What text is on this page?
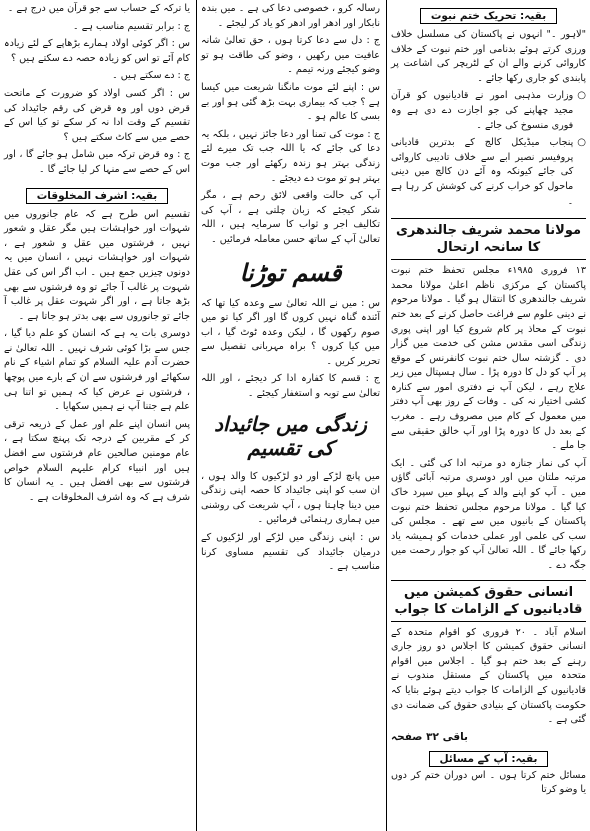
بقیہ: تحریک ختم نبوت

"لاہور ۔" انہوں نے پاکستان کی مسلسل خلاف ورزی کرتے ہوئے بدنامی اور ختم نبوت کے خلاف کاروائی کرنے والے ان کے لٹریچر کی اشاعت پر پابندی کو جاری رکھا جائے ۔

○

وزارت مذہبی امور نے قادیانیوں کو قرآن مجید چھاپنے کی جو اجازت دے دی ہے وہ فوری منسوخ کی جائے ۔

○

پنجاب میڈیکل کالج کے بدترین قادیانی پروفیسر نصیر ابے سے خلاف تادیبی کاروائی کی جائے کیونکہ وہ آئے دن کالج میں دینی ماحول کو خراب کرنے کی کوشش کر رہا ہے ۔

مولانا محمد شریف جالندھری کا سانحہ ارتحال

۱۳ فروری ۱۹۸۵ء مجلس تحفظ ختم نبوت پاکستان کے مرکزی ناظم اعلیٰ مولانا محمد شریف جالندھری کا انتقال ہو گیا ۔ مولانا مرحوم نے دینی علوم سے فراغت حاصل کرنے کے بعد ختم نبوت کے محاذ پر کام شروع کیا اور اپنی پوری زندگی اسی مقدس مشن کی خدمت میں گزار دی ۔ گزشتہ سال ختم نبوت کانفرنس کے موقع پر آپ کو دل کا دورہ پڑا ۔ سال ہسپتال میں زیر علاج رہے ، لیکن آپ نے دفتری امور سے کنارہ کشی اختیار نہ کی ۔ وفات کے روز بھی آپ دفتر میں معمول کے کام میں مصروف رہے ۔ مغرب کے بعد دل کا دورہ پڑا اور آپ خالق حقیقی سے جا ملے ۔

آپ کی نماز جنازہ دو مرتبہ ادا کی گئی ۔ ایک مرتبہ ملتان میں اور دوسری مرتبہ آبائی گاؤں میں ۔ آپ کو اپنے والد کے پہلو میں سپرد خاک کیا گیا ۔ مولانا مرحوم مجلس تحفظ ختم نبوت پاکستان کے بانیوں میں سے تھے ۔ مجلس کی سب کی علمی اور عملی خدمات کو ہمیشہ یاد رکھا جائے گا ۔ اللہ تعالیٰ آپ کو جوار رحمت میں جگہ دے ۔

انسانی حقوق کمیشن میں قادیانیوں کے الزامات کا جواب

اسلام آباد ۔ ۲۰ فروری کو اقوام متحدہ کے انسانی حقوق کمیشن کا اجلاس دو روز جاری رہنے کے بعد ختم ہو گیا ۔ اجلاس میں اقوام متحدہ میں پاکستان کے مستقل مندوب نے قادیانیوں کے الزامات کا جواب دیتے ہوئے بتایا کہ حکومت پاکستان کے بنیادی حقوق کی ضمانت دی گئی ہے ۔

باقی ۳۲ صفحہ
بقیہ: آپ کے مسائل

مسائل ختم کرتا ہوں ۔ اس دوران ختم کر دوں یا وضو کرتا

رسالہ کرو ، خصوصی دعا کی ہے ۔ میں بندہ نابکار اور ادھر اور ادھر کو یاد کر لیجئے ۔

ج : دل سے دعا کرتا ہوں ، حق تعالیٰ شانہ عافیت میں رکھیں ، وضو کی طاقت ہو تو وضو کیجئے ورنہ تیمم ۔

س : اپنے لئے موت مانگنا شریعت میں کیسا ہے ؟ جب کہ بیماری بہت بڑھ گئی ہو اور بے بسی کا عالم ہو ۔

ج : موت کی تمنا اور دعا جائز نہیں ، بلکہ یہ دعا کی جائے کہ یا اللہ جب تک میرے لئے زندگی بہتر ہو زندہ رکھئے اور جب موت بہتر ہو تو موت دے دیجئے ۔

آپ کی حالت واقعی لائق رحم ہے ، مگر شکر کیجئے کہ زبان چلتی ہے ، آپ کی تکالیف اجر و ثواب کا سرمایہ ہیں ، اللہ تعالیٰ آپ کے ساتھ حسن معاملہ فرمائیں ۔

قسم توڑنا

س : میں نے اللہ تعالیٰ سے وعدہ کیا تھا کہ آئندہ گناہ نہیں کروں گا اور اگر کیا تو میں صوم رکھوں گا ، لیکن وعدہ ٹوٹ گیا ، اب میں کیا کروں ؟ براہ مہربانی تفصیل سے تحریر کریں ۔

ج : قسم کا کفارہ ادا کر دیجئے ، اور اللہ تعالیٰ سے توبہ و استغفار کیجئے ۔

زندگی میں جائیداد کی تقسیم

میں پانچ لڑکے اور دو لڑکیوں کا والد ہوں ، ان سب کو اپنی جائیداد کا حصہ اپنی زندگی میں دینا چاہتا ہوں ، آپ شریعت کی روشنی میں ہماری رہنمائی فرمائیں ۔

س : اپنی زندگی میں لڑکے اور لڑکیوں کے درمیان جائیداد کی تقسیم مساوی کرنا مناسب ہے ۔

یا ترکہ کے حساب سے جو قرآن میں درج ہے ۔

ج : برابر تقسیم مناسب ہے ۔

س : اگر کوئی اولاد ہمارے بڑھاپے کے لئے زیادہ کام آئے تو اس کو زیادہ حصہ دے سکتے ہیں ؟

ج : دے سکتے ہیں ۔

س : اگر کسی اولاد کو ضرورت کے ماتحت قرض دوں اور وہ قرض کی رقم جائیداد کی تقسیم کے وقت ادا نہ کر سکے تو کیا اس کے حصے میں سے کاٹ سکتے ہیں ؟

ج : وہ قرض ترکہ میں شامل ہو جائے گا ، اور اس کے حصے سے منہا کر لیا جائے گا ۔

بقیہ: اشرف المخلوقات

تقسیم اس طرح ہے کہ عام جانوروں میں شہوات اور خواہشات ہیں مگر عقل و شعور نہیں ، فرشتوں میں عقل و شعور ہے ، شہوات اور خواہشات نہیں ، انسان میں یہ دونوں چیزیں جمع ہیں ۔ اب اگر اس کی عقل شہوت پر غالب آ جائے تو وہ فرشتوں سے بھی بڑھ جاتا ہے ، اور اگر شہوت عقل پر غالب آ جائے تو جانوروں سے بھی بدتر ہو جاتا ہے ۔

دوسری بات یہ ہے کہ انسان کو علم دیا گیا ، جس سے بڑا کوئی شرف نہیں ۔ اللہ تعالیٰ نے حضرت آدم علیہ السلام کو تمام اشیاء کے نام سکھائے اور فرشتوں سے ان کے بارے میں پوچھا ، فرشتوں نے عرض کیا کہ ہمیں تو اتنا ہی علم ہے جتنا آپ نے ہمیں سکھایا ۔

پس انسان اپنے علم اور عمل کے ذریعہ ترقی کر کے مقربین کے درجہ تک پہنچ سکتا ہے ، عام مومنین صالحین عام فرشتوں سے افضل ہیں اور انبیاء کرام علیہم السلام خواص فرشتوں سے بھی افضل ہیں ۔ یہ انسان کا شرف ہے کہ وہ اشرف المخلوقات ہے ۔
